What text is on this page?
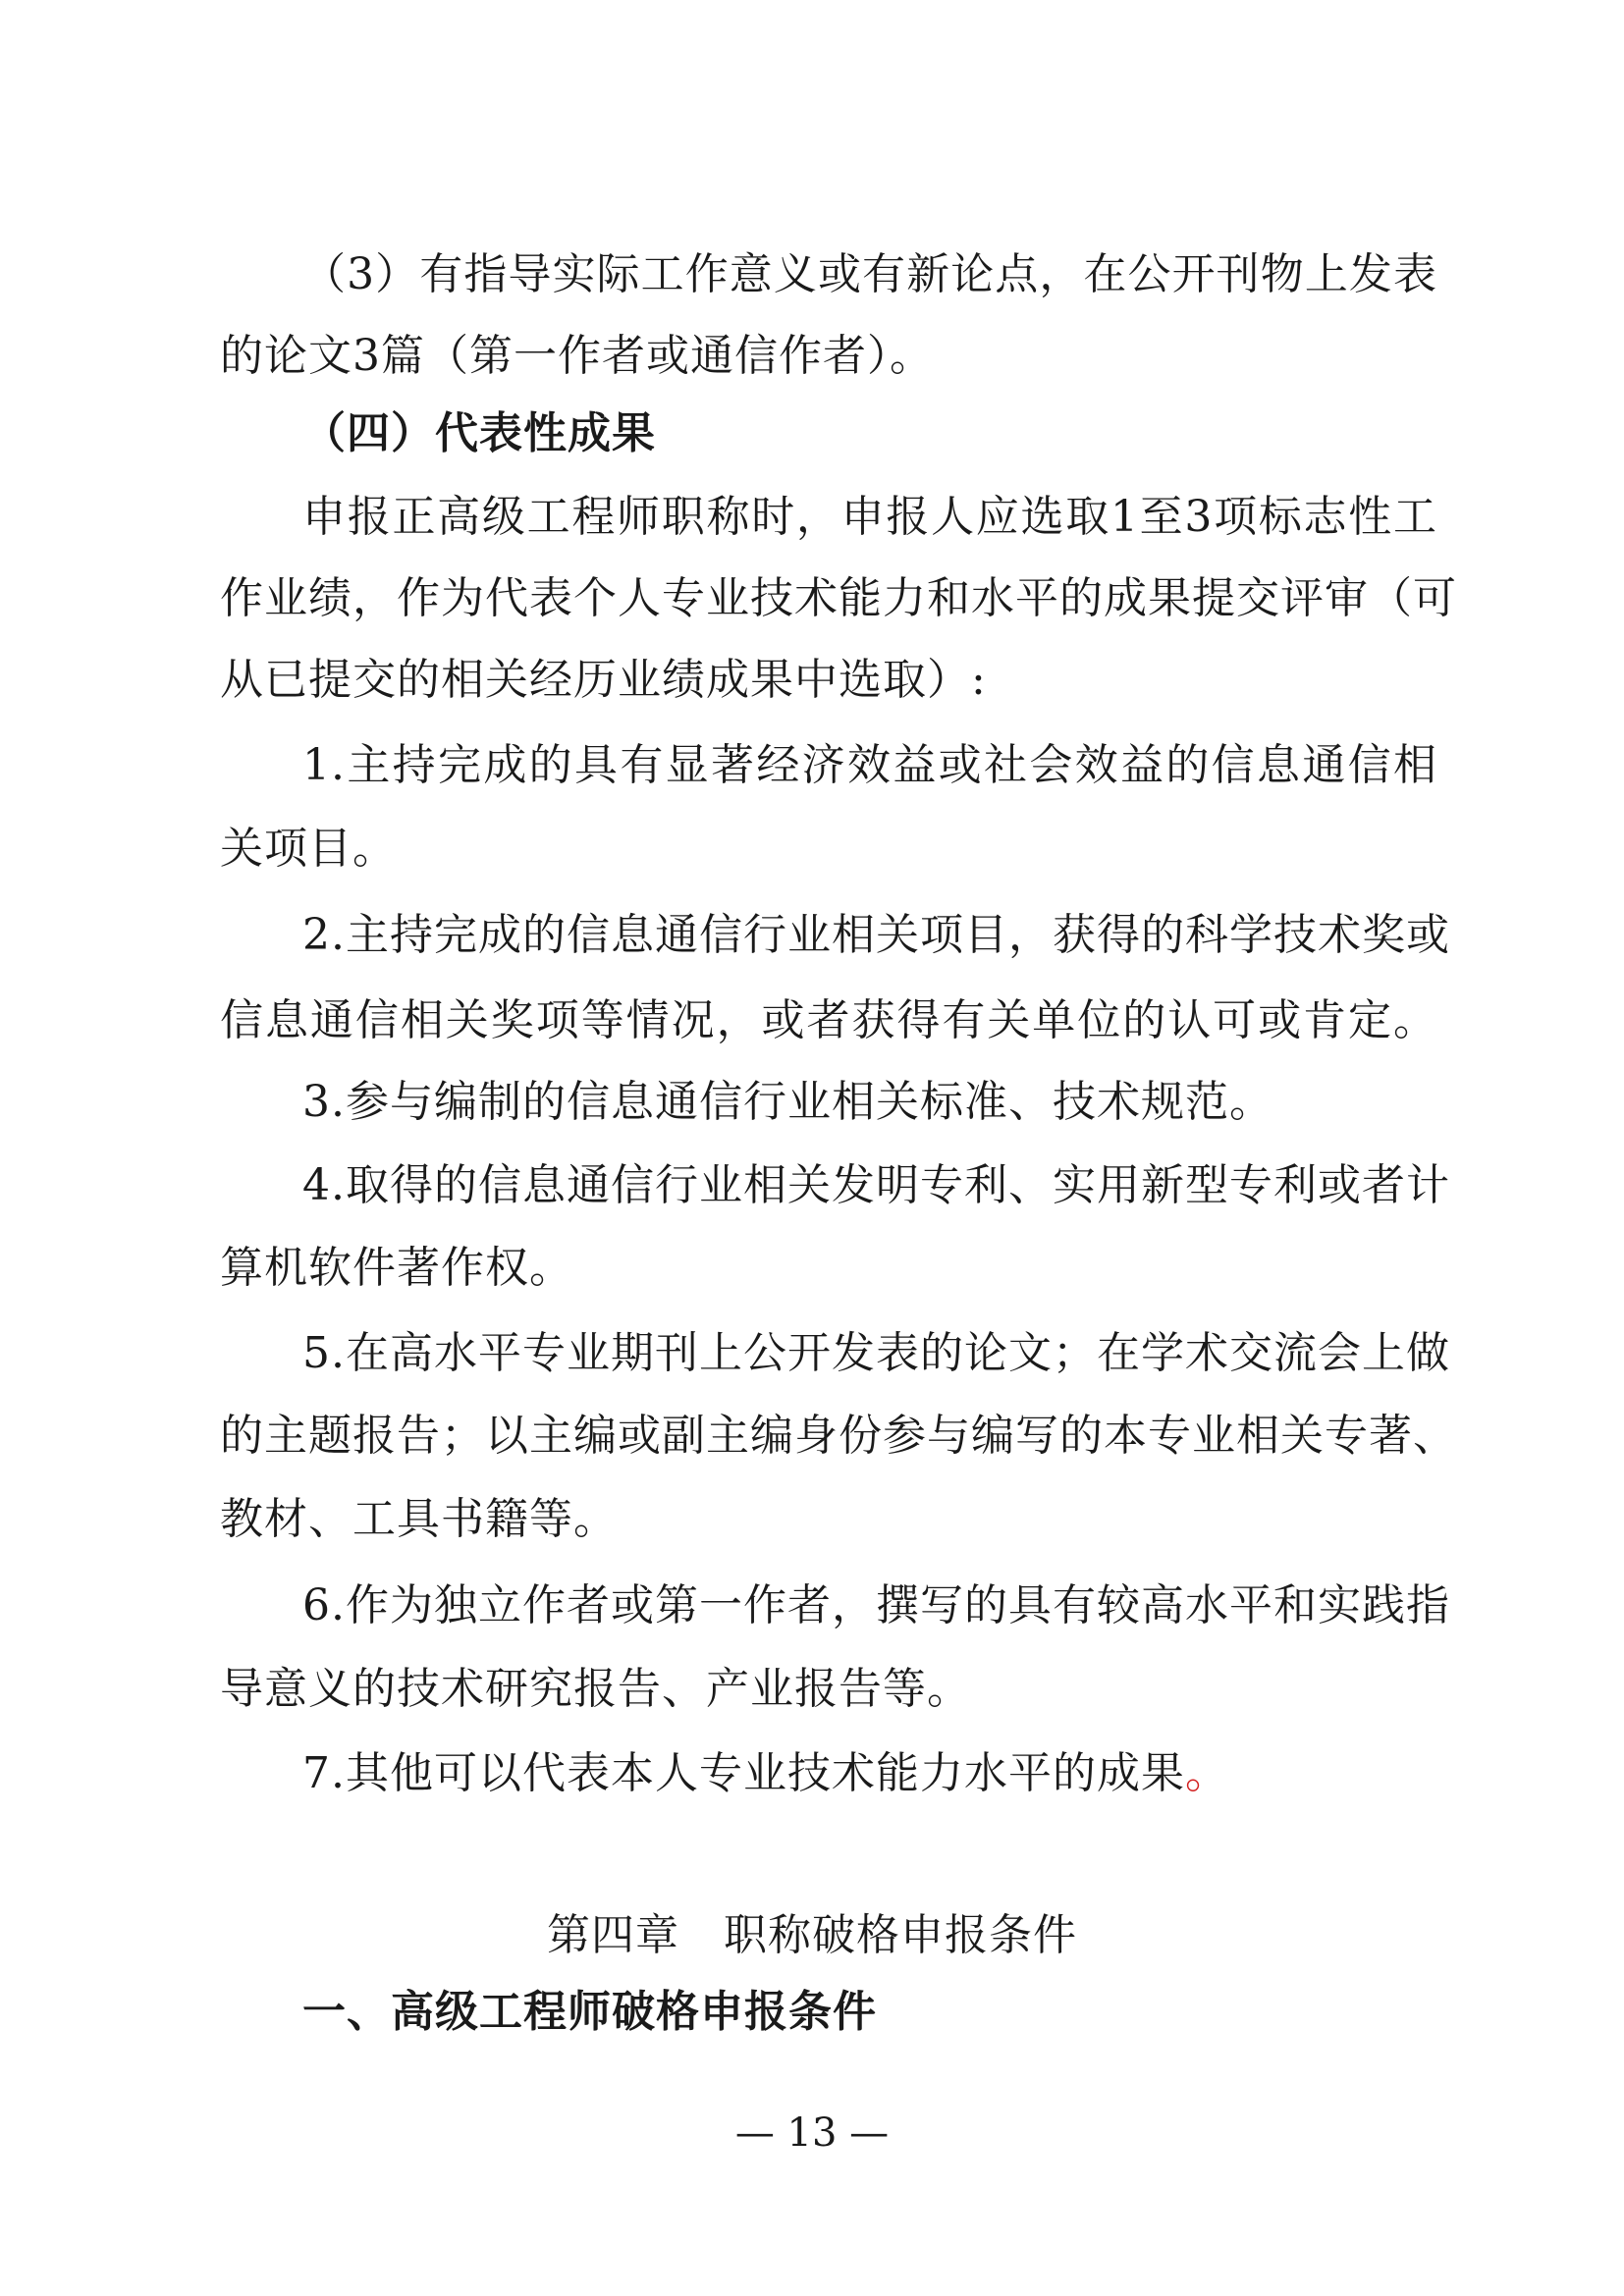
（3）有指导实际工作意义或有新论点，在公开刊物上发表
的论文3篇（第一作者或通信作者）。
（四）代表性成果
申报正高级工程师职称时，申报人应选取1至3项标志性工
作业绩，作为代表个人专业技术能力和水平的成果提交评审（可
从已提交的相关经历业绩成果中选取）:
1.主持完成的具有显著经济效益或社会效益的信息通信相
关项目。
2.主持完成的信息通信行业相关项目，获得的科学技术奖或
信息通信相关奖项等情况，或者获得有关单位的认可或肯定。
3.参与编制的信息通信行业相关标准、技术规范。
4.取得的信息通信行业相关发明专利、实用新型专利或者计
算机软件著作权。
5.在高水平专业期刊上公开发表的论文；在学术交流会上做
的主题报告；以主编或副主编身份参与编写的本专业相关专著、
教材、工具书籍等。
6.作为独立作者或第一作者，撰写的具有较高水平和实践指
导意义的技术研究报告、产业报告等。
7.其他可以代表本人专业技术能力水平的成果。
第四章　职称破格申报条件
一、高级工程师破格申报条件
— 13 —
